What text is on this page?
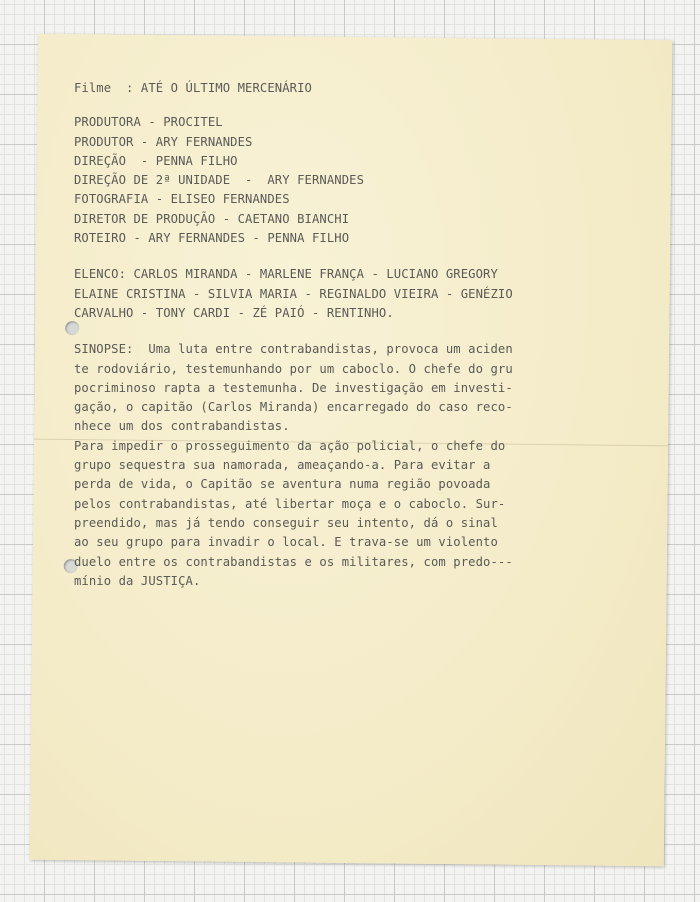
Filme  : ATÉ O ÚLTIMO MERCENÁRIO
PRODUTORA - PROCITEL
PRODUTOR - ARY FERNANDES
DIREÇÃO  - PENNA FILHO
DIREÇÃO DE 2ª UNIDADE  -  ARY FERNANDES
FOTOGRAFIA - ELISEO FERNANDES
DIRETOR DE PRODUÇÃO - CAETANO BIANCHI
ROTEIRO - ARY FERNANDES - PENNA FILHO
ELENCO: CARLOS MIRANDA - MARLENE FRANÇA - LUCIANO GREGORY
ELAINE CRISTINA - SILVIA MARIA - REGINALDO VIEIRA - GENÉZIO
CARVALHO - TONY CARDI - ZÉ PAIÓ - RENTINHO.
SINOPSE:  Uma luta entre contrabandistas, provoca um aciden
te rodoviário, testemunhando por um caboclo. O chefe do gru
pocriminoso rapta a testemunha. De investigação em investi-
gação, o capitão (Carlos Miranda) encarregado do caso reco-
nhece um dos contrabandistas.
Para impedir o prosseguimento da ação policial, o chefe do
grupo sequestra sua namorada, ameaçando-a. Para evitar a
perda de vida, o Capitão se aventura numa região povoada
pelos contrabandistas, até libertar moça e o caboclo. Sur-
preendido, mas já tendo conseguir seu intento, dá o sinal
ao seu grupo para invadir o local. E trava-se um violento
duelo entre os contrabandistas e os militares, com predo---
mínio da JUSTIÇA.
